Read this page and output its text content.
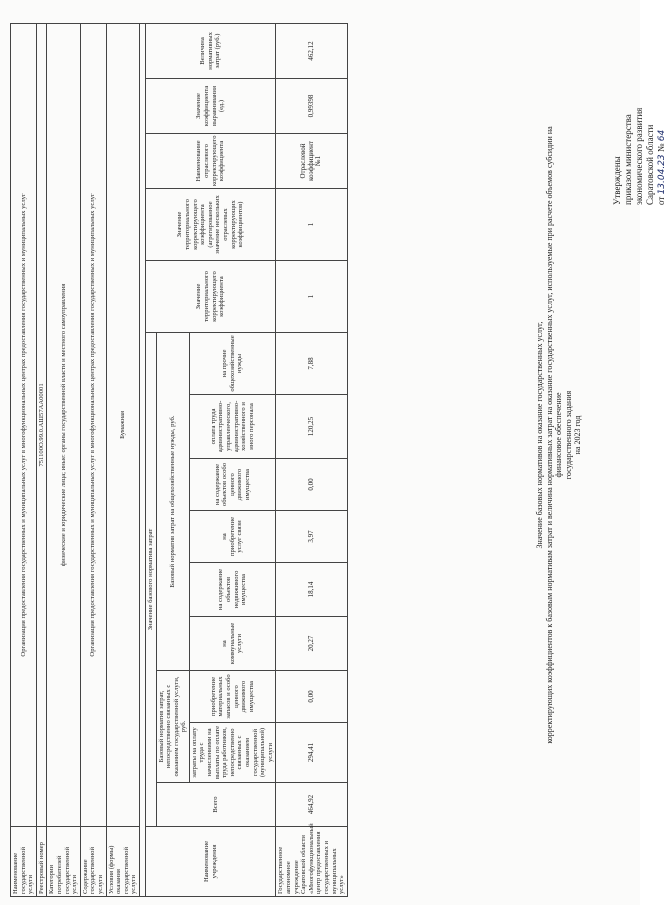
Утверждены приказом министерства экономического развития Саратовской области от 13.04.23 № 64
Значение базовых нормативов на оказание государственных услуг, корректирующих коэффициентов к базовым нормативам затрат и величина нормативных затрат на оказание государственных услуг, используемые при расчете объемов субсидии на финансовое обеспечение государственного задания на 2023 год
Наименование государственной услуги	Организация предоставления государственных и муниципальных услуг в многофункциональных центрах предоставления государственных и муниципальных услуг													
Реестровый номер	751100О.99.0.АШ57АА00001													
Категории потребителей государственной услуги	физические и юридические лица; иные: органы государственной власти и местного самоуправления													
Содержание государственной услуги	Организация предоставления государственных и муниципальных услуг в многофункциональных центрах предоставления государственных и муниципальных услуг													
Условия (формы) оказания государственной услуги	Бумажная													

Наименование учреждения	Значение базового норматива затрат									Значение территориального корректирующего коэффициента	Значение территориального корректирующего коэффициента (агрегированное значение нескольких отраслевых корректирующих коэффициентов)	Наименование отраслевого корректирующего коэффициента	Значение коэффициента выравнивания (ед.)	Величина нормативных затрат (руб.)
	Всего	Базовый норматив затрат, непосредственно связанных с оказанием государственной услуги, руб.		Базовый норматив затрат на общехозяйственные нужды, руб.										
		затраты на оплату труда с начислениями на выплаты по оплате труда работников, непосредственно связанных с оказанием государственной (муниципальной) услуги	приобретение материальных запасов и особо ценного движимого имущества	на коммунальные услуги	на содержание объектов недвижимого имущества	на приобретение услуг связи	на содержание объектов особо ценного движимого имущества	оплата труда административно-управленческого, административно-хозяйственного и иного персонала	на прочие общехозяйственные нужды					
Государственное автономное учреждение Саратовской области «Многофункциональный центр предоставления государственных и муниципальных услуг»	464,92	294,41	0,00	20,27	18,14	3,97	0,00	120,25	7,88	1	1	Отраслевой коэффициент №1	0,99398	462,12
